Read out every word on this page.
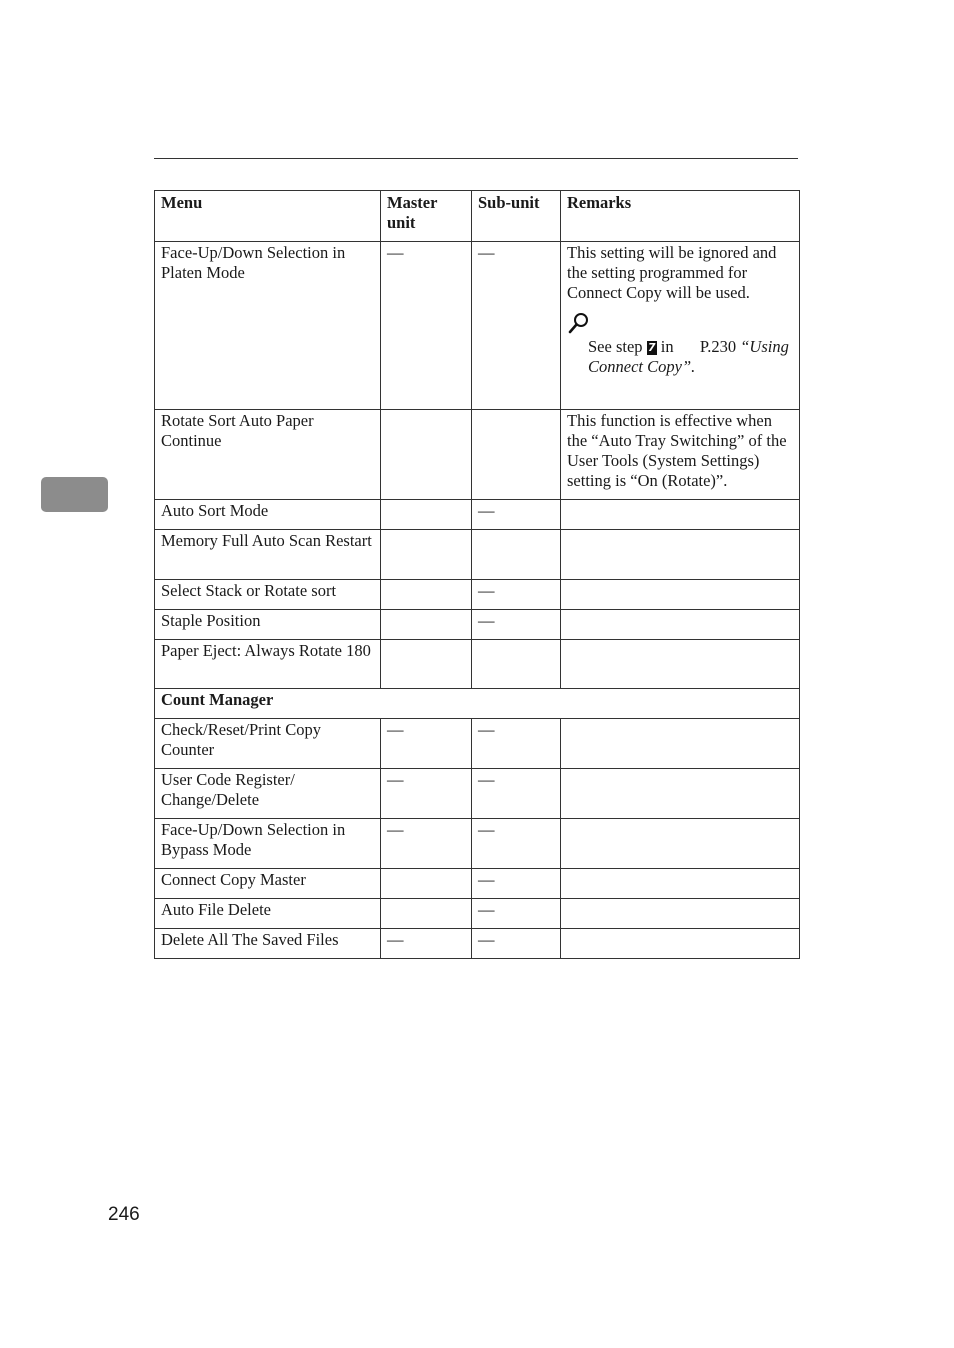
Menu	Master unit	Sub-unit	Remarks
Face-Up/Down Selection in Platen Mode	—	—	This setting will be ignored and the setting programmed for Connect Copy will be used.
See step 7 in P.230 “Using Connect Copy”.

Rotate Sort Auto Paper Continue			This function is effective when the “Auto Tray Switching” of the User Tools (System Settings) setting is “On (Rotate)”.
Auto Sort Mode		—	
Memory Full Auto Scan Restart			
Select Stack or Rotate sort		—	
Staple Position		—	
Paper Eject: Always Rotate 180			
Count Manager			
Check/Reset/Print Copy Counter	—	—	
User Code Register/ Change/Delete	—	—	
Face-Up/Down Selection in Bypass Mode	—	—	
Connect Copy Master		—	
Auto File Delete		—	
Delete All The Saved Files	—	—	
246
